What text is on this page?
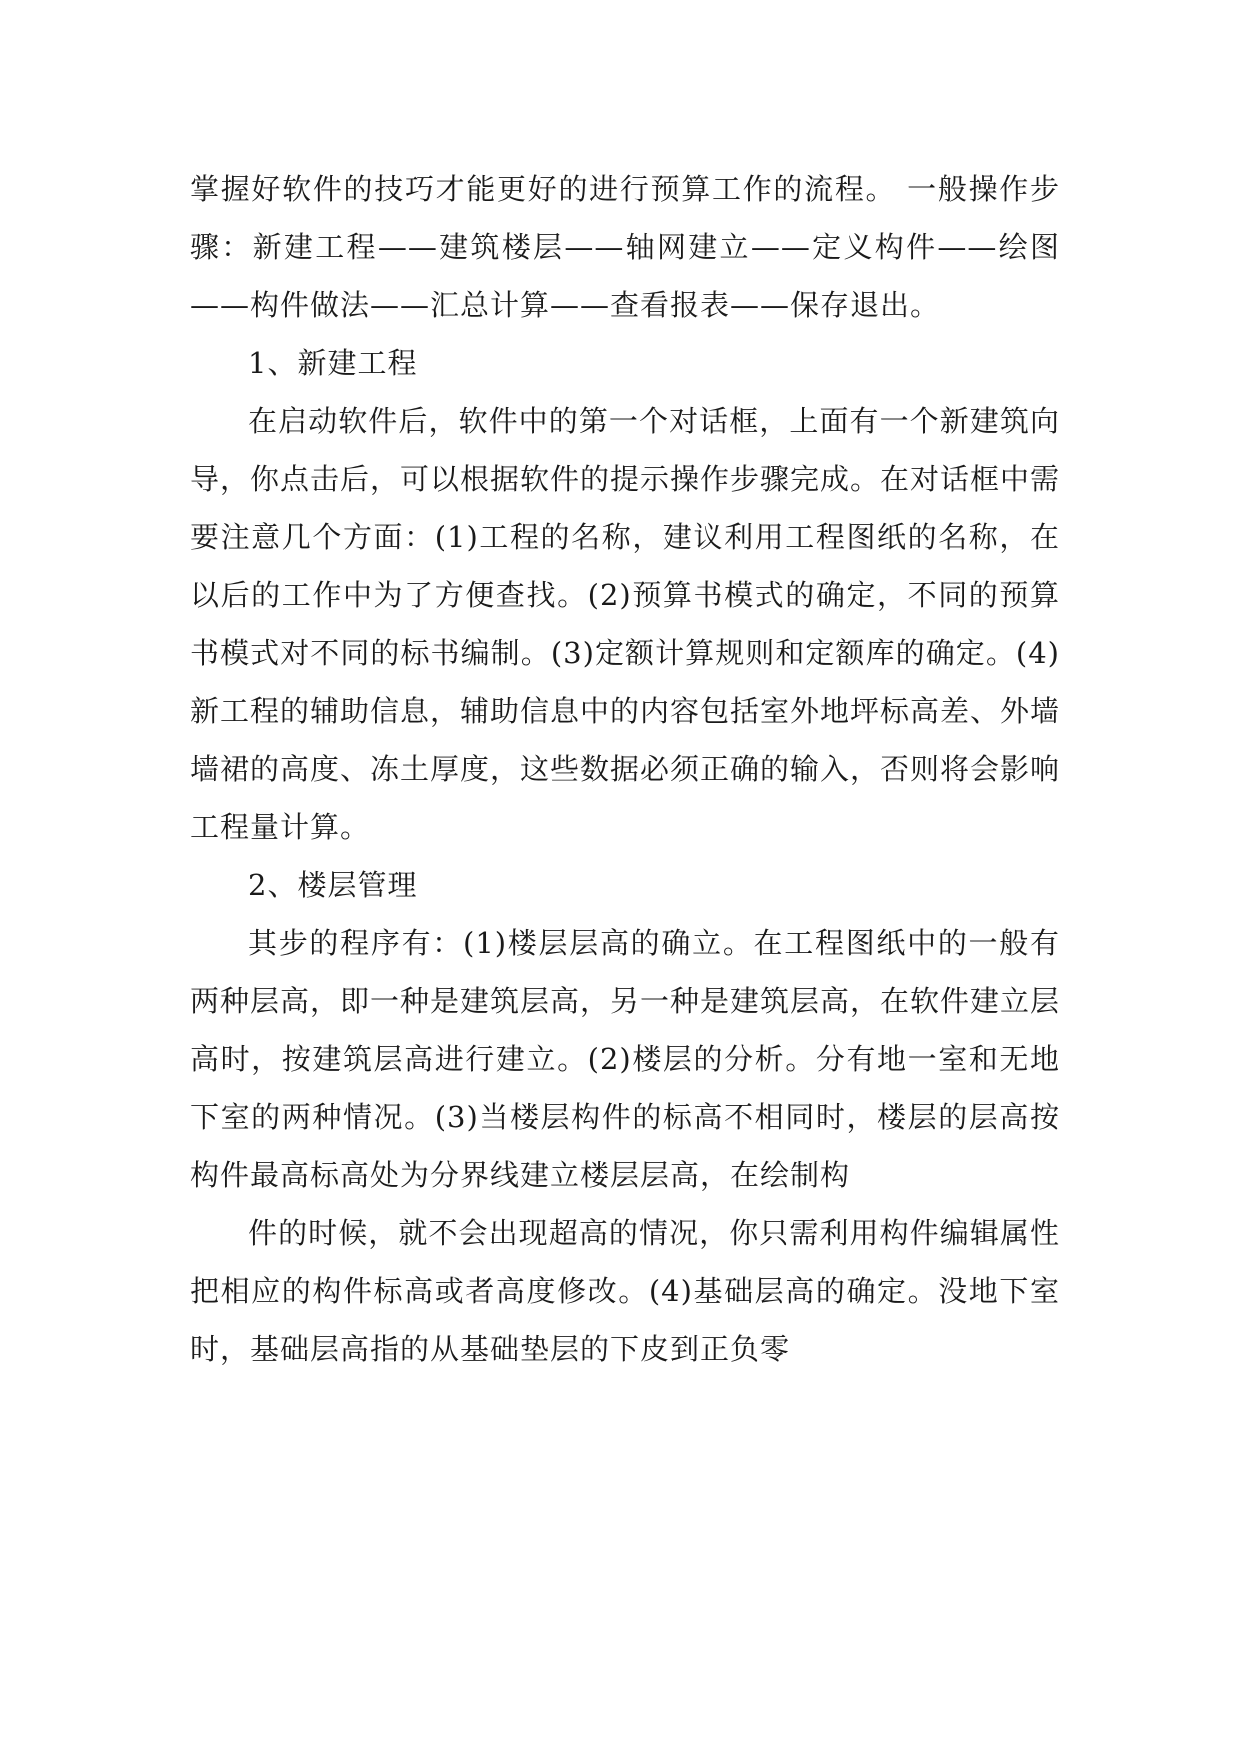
掌握好软件的技巧才能更好的进行预算工作的流程。 一般操作步骤：新建工程——建筑楼层——轴网建立——定义构件——绘图——构件做法——汇总计算——查看报表——保存退出。

1、新建工程

在启动软件后，软件中的第一个对话框，上面有一个新建筑向导，你点击后，可以根据软件的提示操作步骤完成。在对话框中需要注意几个方面：(1)工程的名称，建议利用工程图纸的名称，在以后的工作中为了方便查找。(2)预算书模式的确定，不同的预算书模式对不同的标书编制。(3)定额计算规则和定额库的确定。(4)新工程的辅助信息，辅助信息中的内容包括室外地坪标高差、外墙墙裙的高度、冻土厚度，这些数据必须正确的输入，否则将会影响工程量计算。

2、楼层管理

其步的程序有：(1)楼层层高的确立。在工程图纸中的一般有两种层高，即一种是建筑层高，另一种是建筑层高，在软件建立层高时，按建筑层高进行建立。(2)楼层的分析。分有地一室和无地下室的两种情况。(3)当楼层构件的标高不相同时，楼层的层高按构件最高标高处为分界线建立楼层层高，在绘制构

件的时候，就不会出现超高的情况，你只需利用构件编辑属性把相应的构件标高或者高度修改。(4)基础层高的确定。没地下室时，基础层高指的从基础垫层的下皮到正负零
